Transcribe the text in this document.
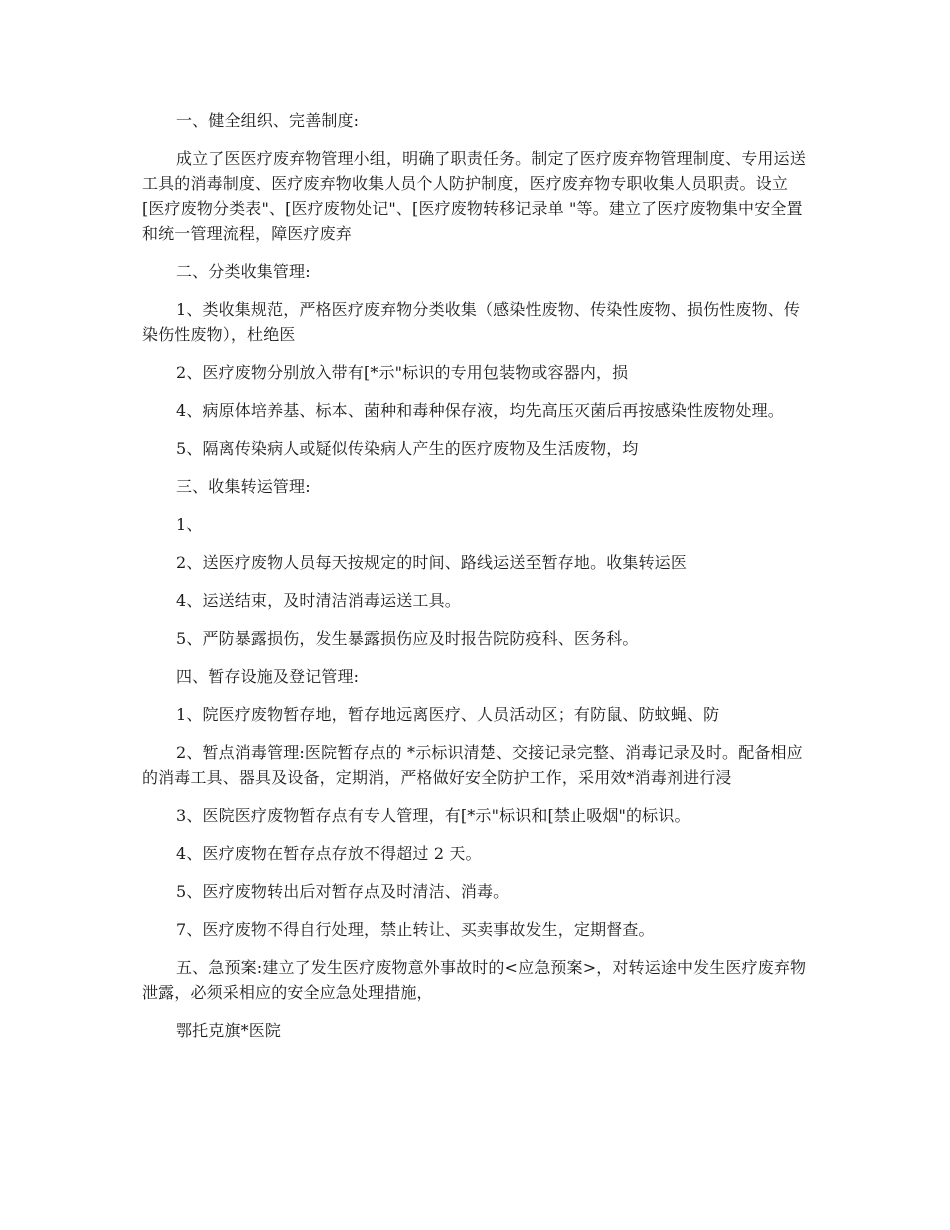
一、健全组织、完善制度:

成立了医医疗废弃物管理小组，明确了职责任务。制定了医疗废弃物管理制度、专用运送工具的消毒制度、医疗废弃物收集人员个人防护制度，医疗废弃物专职收集人员职责。设立 [医疗废物分类表"、[医疗废物处记"、[医疗废物转移记录单 "等。建立了医疗废物集中安全置和统一管理流程，障医疗废弃

二、分类收集管理:

1、类收集规范，严格医疗废弃物分类收集（感染性废物、传染性废物、损伤性废物、传染伤性废物），杜绝医

2、医疗废物分别放入带有[*示"标识的专用包装物或容器内，损

4、病原体培养基、标本、菌种和毒种保存液，均先高压灭菌后再按感染性废物处理。

5、隔离传染病人或疑似传染病人产生的医疗废物及生活废物，均

三、收集转运管理:

1、

2、送医疗废物人员每天按规定的时间、路线运送至暂存地。收集转运医

4、运送结束，及时清洁消毒运送工具。

5、严防暴露损伤，发生暴露损伤应及时报告院防疫科、医务科。

四、暂存设施及登记管理:

1、院医疗废物暂存地，暂存地远离医疗、人员活动区；有防鼠、防蚊蝇、防

2、暂点消毒管理:医院暂存点的 *示标识清楚、交接记录完整、消毒记录及时。配备相应的消毒工具、器具及设备，定期消，严格做好安全防护工作，采用效*消毒剂进行浸

3、医院医疗废物暂存点有专人管理，有[*示"标识和[禁止吸烟"的标识。

4、医疗废物在暂存点存放不得超过 2 天。

5、医疗废物转出后对暂存点及时清洁、消毒。

7、医疗废物不得自行处理，禁止转让、买卖事故发生，定期督查。

五、急预案:建立了发生医疗废物意外事故时的<应急预案>，对转运途中发生医疗废弃物泄露，必须采相应的安全应急处理措施，

鄂托克旗*医院
